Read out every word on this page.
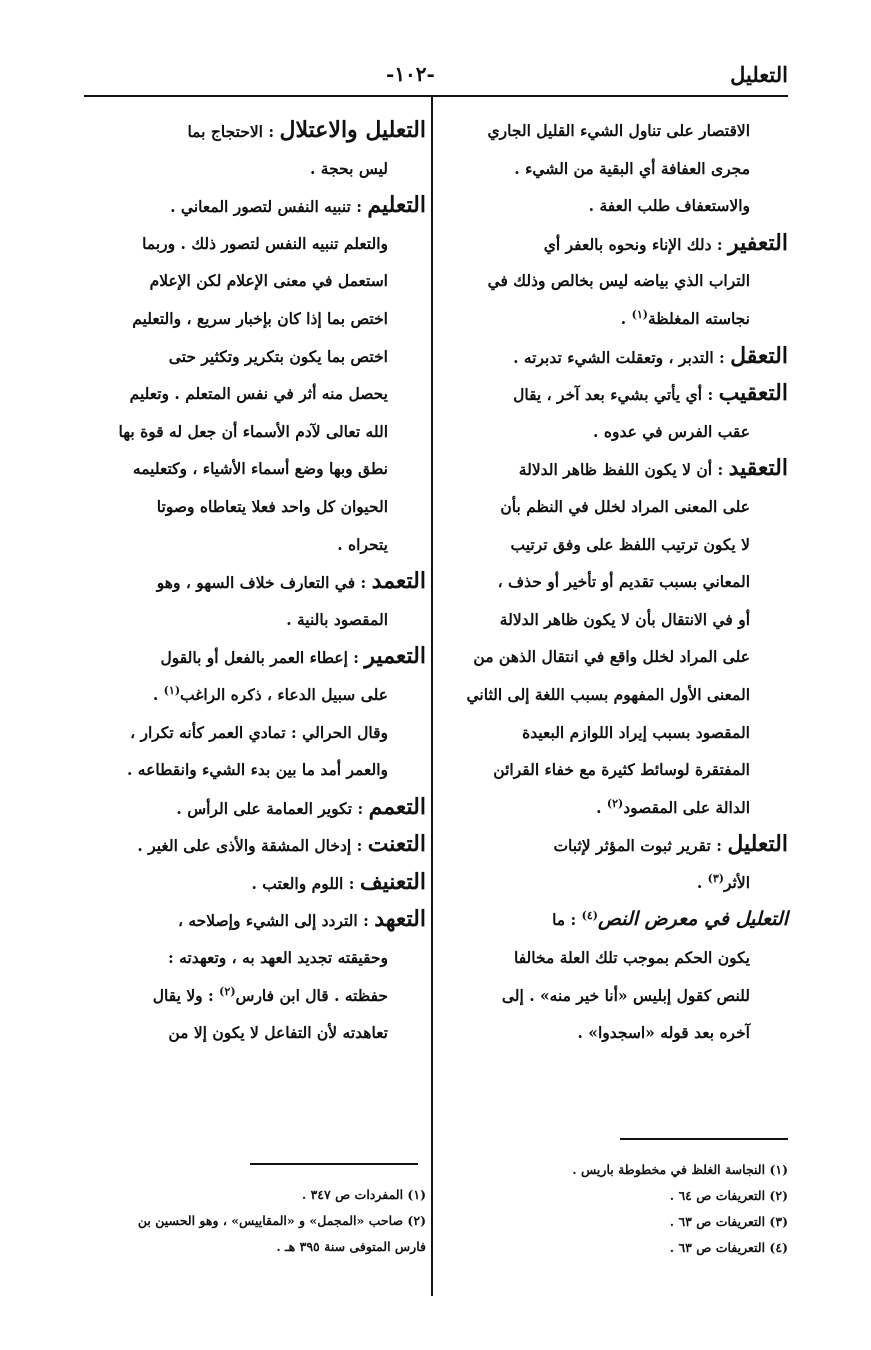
التعليل
-١٠٢-
الاقتصار على تناول الشيء القليل الجاري
مجرى العفافة أي البقية من الشيء .
والاستعفاف طلب العفة .
التعفير : دلك الإناء ونحوه بالعفر أي
التراب الذي بياضه ليس بخالص وذلك في
نجاسته المغلظة$^{(١)}$ .
التعقل : التدبر ، وتعقلت الشيء تدبرته .
التعقيب : أي يأتي بشيء بعد آخر ، يقال
عقب الفرس في عدوه .
التعقيد : أن لا يكون اللفظ ظاهر الدلالة
على المعنى المراد لخلل في النظم بأن
لا يكون ترتيب اللفظ على وفق ترتيب
المعاني بسبب تقديم أو تأخير أو حذف ،
أو في الانتقال بأن لا يكون ظاهر الدلالة
على المراد لخلل واقع في انتقال الذهن من
المعنى الأول المفهوم بسبب اللغة إلى الثاني
المقصود بسبب إيراد اللوازم البعيدة
المفتقرة لوسائط كثيرة مع خفاء القرائن
الدالة على المقصود$^{(٢)}$ .
التعليل : تقرير ثبوت المؤثر لإثبات
الأثر$^{(٣)}$ .
التعليل في معرض النص$^{(٤)}$ : ما
يكون الحكم بموجب تلك العلة مخالفا
للنص كقول إبليس «أنا خير منه» . إلى
آخره بعد قوله «اسجدوا» .
التعليل والاعتلال : الاحتجاج بما
ليس بحجة .
التعليم : تنبيه النفس لتصور المعاني .
والتعلم تنبيه النفس لتصور ذلك . وربما
استعمل في معنى الإعلام لكن الإعلام
اختص بما إذا كان بإخبار سريع ، والتعليم
اختص بما يكون بتكرير وتكثير حتى
يحصل منه أثر في نفس المتعلم . وتعليم
الله تعالى لآدم الأسماء أن جعل له قوة بها
نطق وبها وضع أسماء الأشياء ، وكتعليمه
الحيوان كل واحد فعلا يتعاطاه وصوتا
يتحراه .
التعمد : في التعارف خلاف السهو ، وهو
المقصود بالنية .
التعمير : إعطاء العمر بالفعل أو بالقول
على سبيل الدعاء ، ذكره الراغب$^{(١)}$ .
وقال الحرالي : تمادي العمر كأنه تكرار ،
والعمر أمد ما بين بدء الشيء وانقطاعه .
التعمم : تكوير العمامة على الرأس .
التعنت : إدخال المشقة والأذى على الغير .
التعنيف : اللوم والعتب .
التعهد : التردد إلى الشيء وإصلاحه ،
وحقيقته تجديد العهد به ، وتعهدته :
حفظته . قال ابن فارس$^{(٢)}$ : ولا يقال
تعاهدته لأن التفاعل لا يكون إلا من
(١) النجاسة الغلظ في مخطوطة باريس .
(٢) التعريفات ص ٦٤ .
(٣) التعريفات ص ٦٣ .
(٤) التعريفات ص ٦٣ .
(١) المفردات ص ٣٤٧ .
(٢) صاحب «المجمل» و «المقاييس» ، وهو الحسين بن
فارس المتوفى سنة ٣٩٥ هـ .
